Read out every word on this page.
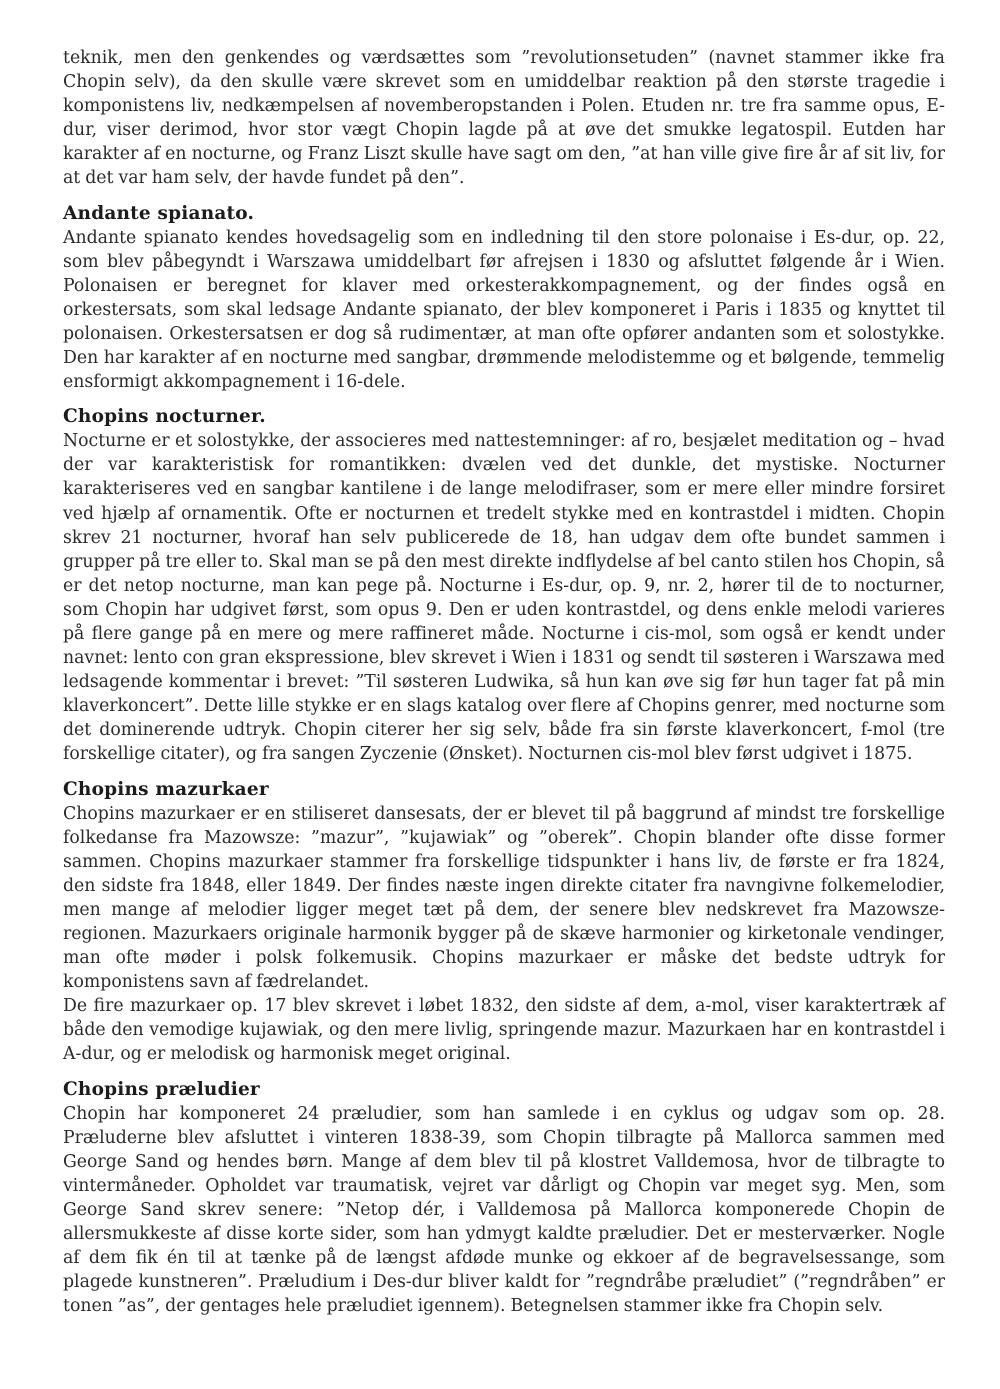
teknik, men den genkendes og værdsættes som ”revolutionsetuden” (navnet stammer ikke fra Chopin selv), da den skulle være skrevet som en umiddelbar reaktion på den største tragedie i komponistens liv, nedkæmpelsen af novemberopstanden i Polen. Etuden nr. tre fra samme opus, E-dur, viser derimod, hvor stor vægt Chopin lagde på at øve det smukke legatospil. Eutden har karakter af en nocturne, og Franz Liszt skulle have sagt om den, ”at han ville give fire år af sit liv, for at det var ham selv, der havde fundet på den”.

Andante spianato.

Andante spianato kendes hovedsagelig som en indledning til den store polonaise i Es-dur, op. 22, som blev påbegyndt i Warszawa umiddelbart før afrejsen i 1830 og afsluttet følgende år i Wien. Polonaisen er beregnet for klaver med orkesterakkompagnement, og der findes også en orkestersats, som skal ledsage Andante spianato, der blev komponeret i Paris i 1835 og knyttet til polonaisen. Orkestersatsen er dog så rudimentær, at man ofte opfører andanten som et solostykke. Den har karakter af en nocturne med sangbar, drømmende melodistemme og et bølgende, temmelig ensformigt akkompagnement i 16-dele.

Chopins nocturner.

Nocturne er et solostykke, der associeres med nattestemninger: af ro, besjælet meditation og – hvad der var karakteristisk for romantikken: dvælen ved det dunkle, det mystiske. Nocturner karakteriseres ved en sangbar kantilene i de lange melodifraser, som er mere eller mindre forsiret ved hjælp af ornamentik. Ofte er nocturnen et tredelt stykke med en kontrastdel i midten. Chopin skrev 21 nocturner, hvoraf han selv publicerede de 18, han udgav dem ofte bundet sammen i grupper på tre eller to. Skal man se på den mest direkte indflydelse af bel canto stilen hos Chopin, så er det netop nocturne, man kan pege på. Nocturne i Es-dur, op. 9, nr. 2, hører til de to nocturner, som Chopin har udgivet først, som opus 9. Den er uden kontrastdel, og dens enkle melodi varieres på flere gange på en mere og mere raffineret måde. Nocturne i cis-mol, som også er kendt under navnet: lento con gran ekspressione, blev skrevet i Wien i 1831 og sendt til søsteren i Warszawa med ledsagende kommentar i brevet: ”Til søsteren Ludwika, så hun kan øve sig før hun tager fat på min klaverkoncert”. Dette lille stykke er en slags katalog over flere af Chopins genrer, med nocturne som det dominerende udtryk. Chopin citerer her sig selv, både fra sin første klaverkoncert, f-mol (tre forskellige citater), og fra sangen Zyczenie (Ønsket). Nocturnen cis-mol blev først udgivet i 1875.

Chopins mazurkaer

Chopins mazurkaer er en stiliseret dansesats, der er blevet til på baggrund af mindst tre forskellige folkedanse fra Mazowsze: ”mazur”, ”kujawiak” og ”oberek”. Chopin blander ofte disse former sammen. Chopins mazurkaer stammer fra forskellige tidspunkter i hans liv, de første er fra 1824, den sidste fra 1848, eller 1849. Der findes næste ingen direkte citater fra navngivne folkemelodier, men mange af melodier ligger meget tæt på dem, der senere blev nedskrevet fra Mazowsze-regionen. Mazurkaers originale harmonik bygger på de skæve harmonier og kirketonale vendinger, man ofte møder i polsk folkemusik. Chopins mazurkaer er måske det bedste udtryk for komponistens savn af fædrelandet.

De fire mazurkaer op. 17 blev skrevet i løbet 1832, den sidste af dem, a-mol, viser karaktertræk af både den vemodige kujawiak, og den mere livlig, springende mazur. Mazurkaen har en kontrastdel i A-dur, og er melodisk og harmonisk meget original.

Chopins præludier

Chopin har komponeret 24 præludier, som han samlede i en cyklus og udgav som op. 28. Præluderne blev afsluttet i vinteren 1838-39, som Chopin tilbragte på Mallorca sammen med George Sand og hendes børn. Mange af dem blev til på klostret Valldemosa, hvor de tilbragte to vintermåneder. Opholdet var traumatisk, vejret var dårligt og Chopin var meget syg. Men, som George Sand skrev senere: ”Netop dér, i Valldemosa på Mallorca komponerede Chopin de allersmukkeste af disse korte sider, som han ydmygt kaldte præludier. Det er mesterværker. Nogle af dem fik én til at tænke på de længst afdøde munke og ekkoer af de begravelsessange, som plagede kunstneren”. Præludium i Des-dur bliver kaldt for ”regndråbe præludiet” (”regndråben” er tonen ”as”, der gentages hele præludiet igennem). Betegnelsen stammer ikke fra Chopin selv.
